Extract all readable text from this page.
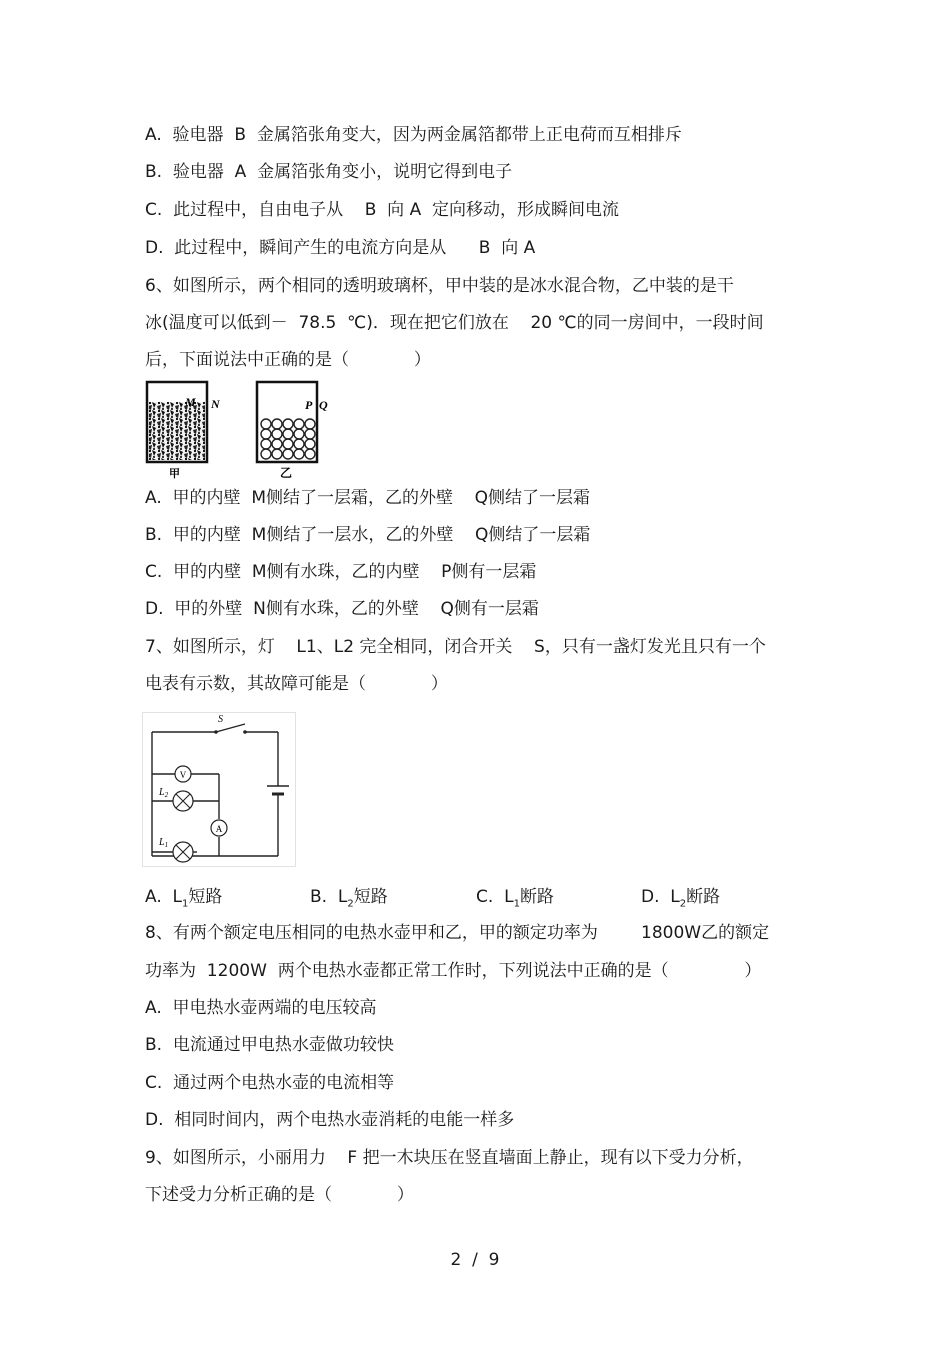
A.  验电器  B  金属箔张角变大，因为两金属箔都带上正电荷而互相排斥
B.  验电器  A  金属箔张角变小，说明它得到电子
C.  此过程中，自由电子从    B  向 A  定向移动，形成瞬间电流
D.  此过程中，瞬间产生的电流方向是从      B  向 A
6、如图所示，两个相同的透明玻璃杯，甲中装的是冰水混合物，乙中装的是干
冰(温度可以低到－  78.5  ℃)．现在把它们放在    20 ℃的同一房间中，一段时间
后，下面说法中正确的是（            ）
M N
甲
P Q
乙
A.  甲的内壁  M侧结了一层霜，乙的外壁    Q侧结了一层霜
B.  甲的内壁  M侧结了一层水，乙的外壁    Q侧结了一层霜
C.  甲的内壁  M侧有水珠，乙的内壁    P侧有一层霜
D.  甲的外壁  N侧有水珠，乙的外壁    Q侧有一层霜
7、如图所示，灯    L1、L2 完全相同，闭合开关    S，只有一盏灯发光且只有一个
电表有示数，其故障可能是（            ）
S
V
$L_2$
A
$L_1$
A.  $L_1$短路	B.  $L_2$短路	C.  $L_1$断路	D.  $L_2$断路
8、有两个额定电压相同的电热水壶甲和乙，甲的额定功率为        1800W乙的额定
功率为  1200W  两个电热水壶都正常工作时，下列说法中正确的是（              ）
A.  甲电热水壶两端的电压较高
B.  电流通过甲电热水壶做功较快
C.  通过两个电热水壶的电流相等
D.  相同时间内，两个电热水壶消耗的电能一样多
9、如图所示，小丽用力    F 把一木块压在竖直墙面上静止，现有以下受力分析，
下述受力分析正确的是（            ）
2  /  9
